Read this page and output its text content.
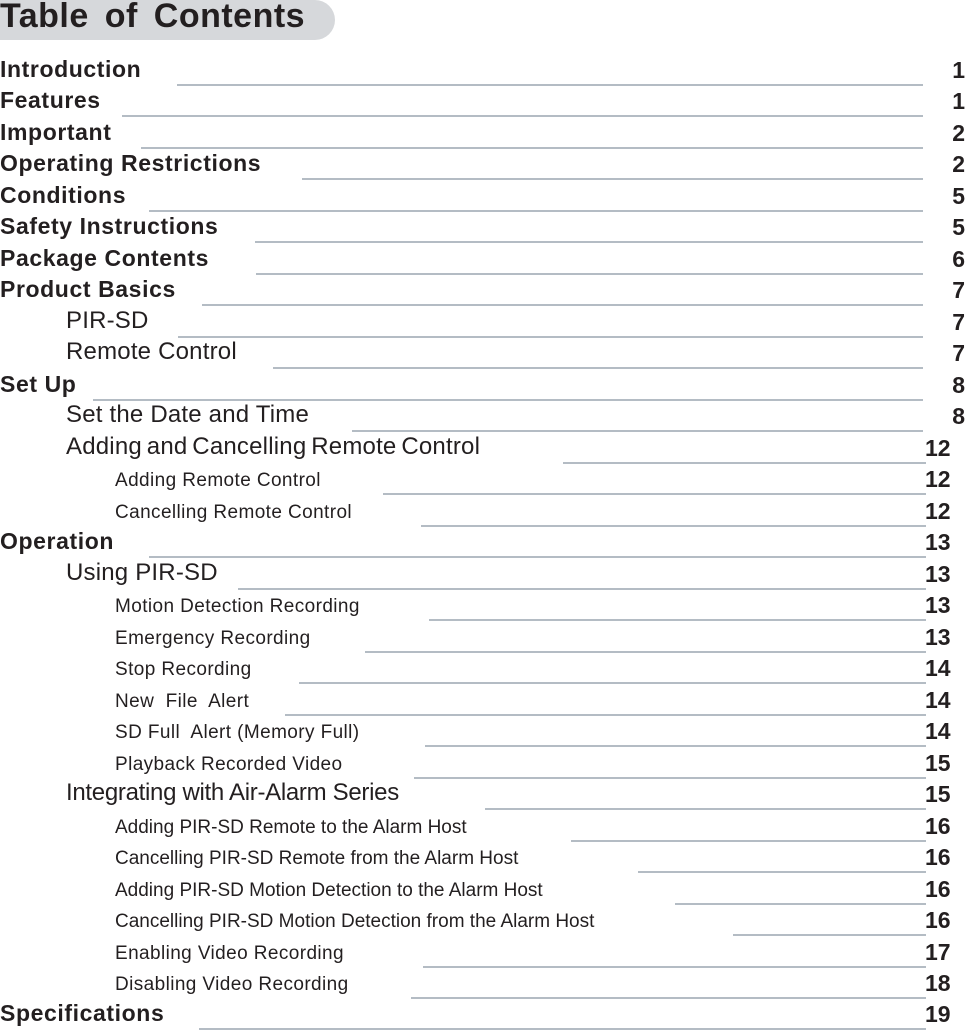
Table of Contents
Introduction	1
Features	1
Important	2
Operating Restrictions	2
Conditions	5
Safety Instructions	5
Package Contents	6
Product Basics	7
PIR-SD	7
Remote Control	7
Set Up	8
Set the Date and Time	8
Adding and Cancelling Remote Control	12
Adding Remote Control	12
Cancelling Remote Control	12
Operation	13
Using PIR-SD	13
Motion Detection Recording	13
Emergency Recording	13
Stop Recording	14
New  File  Alert	14
SD Full  Alert (Memory Full)	14
Playback Recorded Video	15
Integrating with Air-Alarm Series	15
Adding PIR-SD Remote to the Alarm Host	16
Cancelling PIR-SD Remote from the Alarm Host	16
Adding PIR-SD Motion Detection to the Alarm Host	16
Cancelling PIR-SD Motion Detection from the Alarm Host	16
Enabling Video Recording	17
Disabling Video Recording	18
Specifications	19
